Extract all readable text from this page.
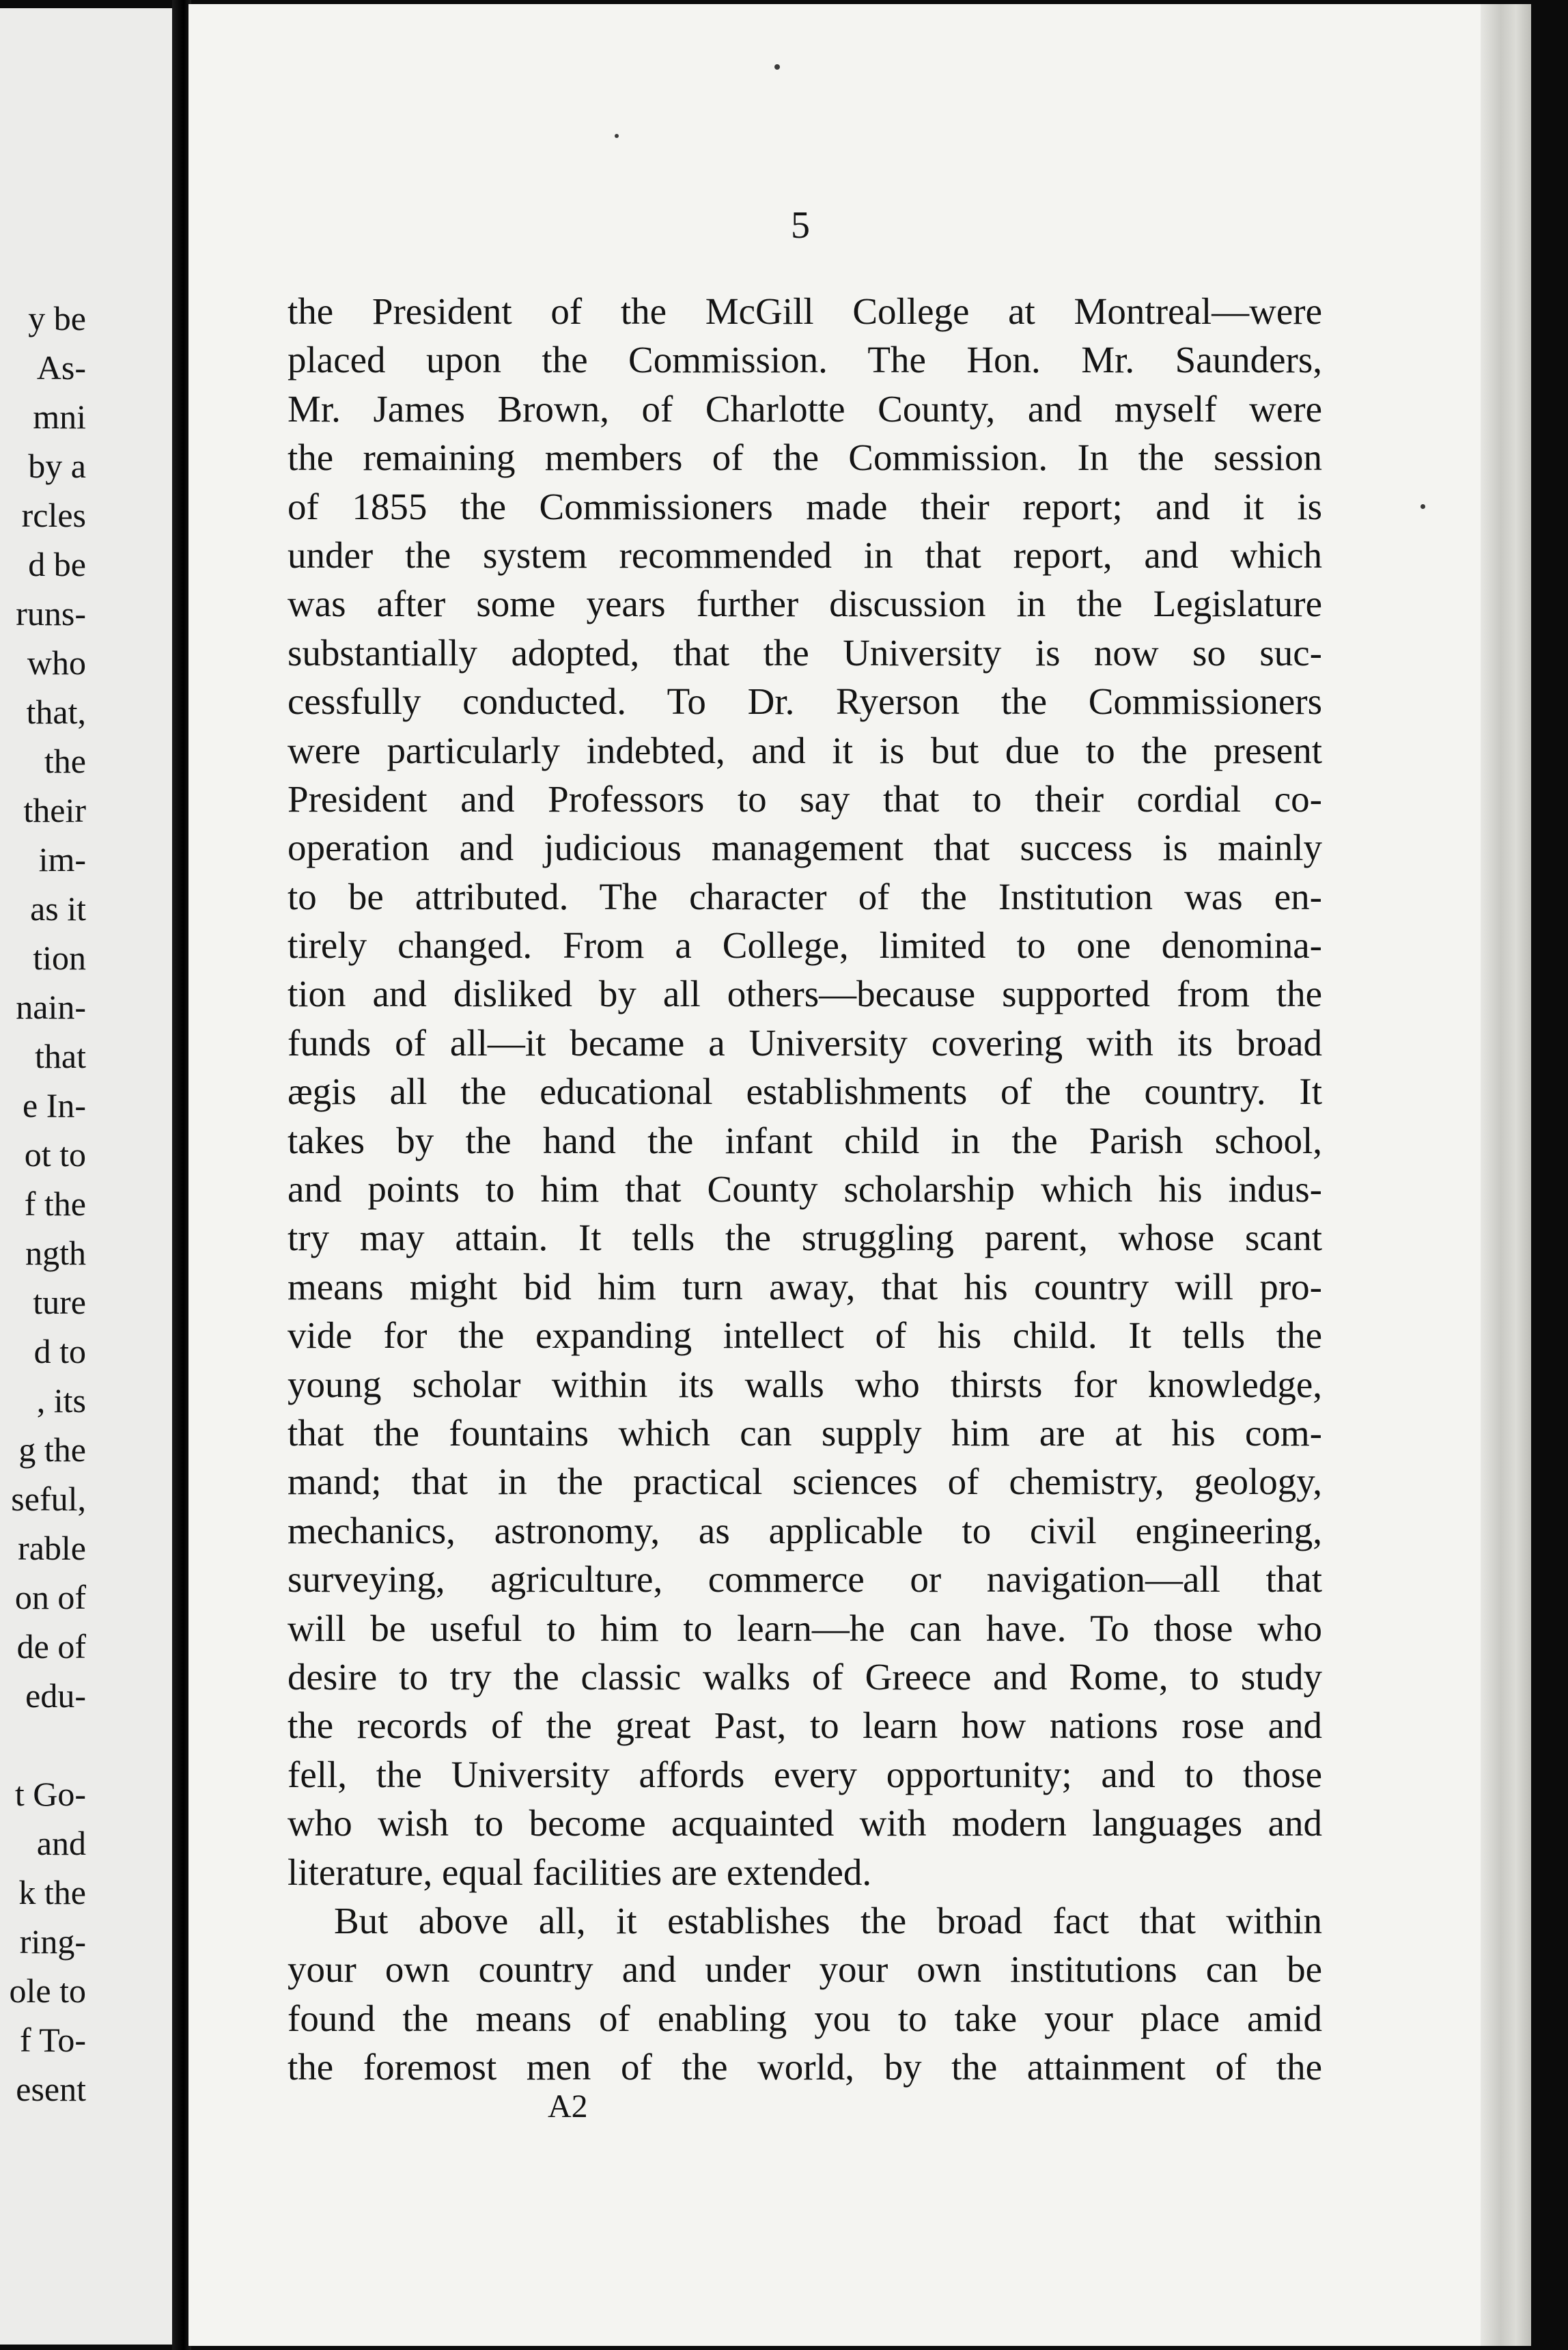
y be
As-
mni
by a
rcles
d be
runs-
who
that,
the
their
im-
as it
tion
nain-
that
e In-
ot to
f the
ngth
ture
d to
, its
g the
seful,
rable
on of
de of
edu-
t Go-
and
k the
ring-
ole to
f To-
esent
5
the President of the McGill College at Montreal—were
placed upon the Commission. The Hon. Mr. Saunders,
Mr. James Brown, of Charlotte County, and myself were
the remaining members of the Commission. In the session
of 1855 the Commissioners made their report; and it is
under the system recommended in that report, and which
was after some years further discussion in the Legislature
substantially adopted, that the University is now so suc-
cessfully conducted. To Dr. Ryerson the Commissioners
were particularly indebted, and it is but due to the present
President and Professors to say that to their cordial co-
operation and judicious management that success is mainly
to be attributed. The character of the Institution was en-
tirely changed. From a College, limited to one denomina-
tion and disliked by all others—because supported from the
funds of all—it became a University covering with its broad
ægis all the educational establishments of the country. It
takes by the hand the infant child in the Parish school,
and points to him that County scholarship which his indus-
try may attain. It tells the struggling parent, whose scant
means might bid him turn away, that his country will pro-
vide for the expanding intellect of his child. It tells the
young scholar within its walls who thirsts for knowledge,
that the fountains which can supply him are at his com-
mand; that in the practical sciences of chemistry, geology,
mechanics, astronomy, as applicable to civil engineering,
surveying, agriculture, commerce or navigation—all that
will be useful to him to learn—he can have. To those who
desire to try the classic walks of Greece and Rome, to study
the records of the great Past, to learn how nations rose and
fell, the University affords every opportunity; and to those
who wish to become acquainted with modern languages and
literature, equal facilities are extended.
But above all, it establishes the broad fact that within
your own country and under your own institutions can be
found the means of enabling you to take your place amid
the foremost men of the world, by the attainment of the
A2
